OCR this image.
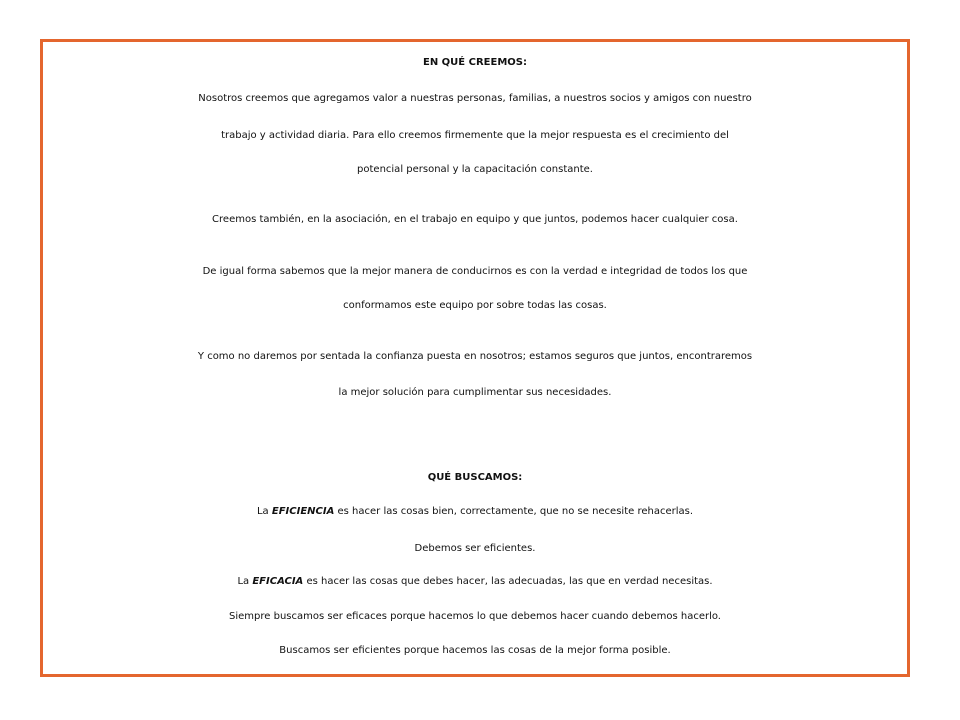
EN QUÉ CREEMOS:
Nosotros creemos que agregamos valor a nuestras personas, familias, a nuestros socios y amigos con nuestro
trabajo y actividad diaria. Para ello creemos firmemente que la mejor respuesta es el crecimiento del
potencial personal y la capacitación constante.
Creemos también, en la asociación, en el trabajo en equipo y que juntos, podemos hacer cualquier cosa.
De igual forma sabemos que la mejor manera de conducirnos es con la verdad e integridad de todos los que
conformamos este equipo por sobre todas las cosas.
Y como no daremos por sentada la confianza puesta en nosotros; estamos seguros que juntos, encontraremos
la mejor solución para cumplimentar sus necesidades.
QUÉ BUSCAMOS:
La EFICIENCIA es hacer las cosas bien, correctamente, que no se necesite rehacerlas.
Debemos ser eficientes.
La EFICACIA es hacer las cosas que debes hacer, las adecuadas, las que en verdad necesitas.
Siempre buscamos ser eficaces porque hacemos lo que debemos hacer cuando debemos hacerlo.
Buscamos ser eficientes porque hacemos las cosas de la mejor forma posible.
